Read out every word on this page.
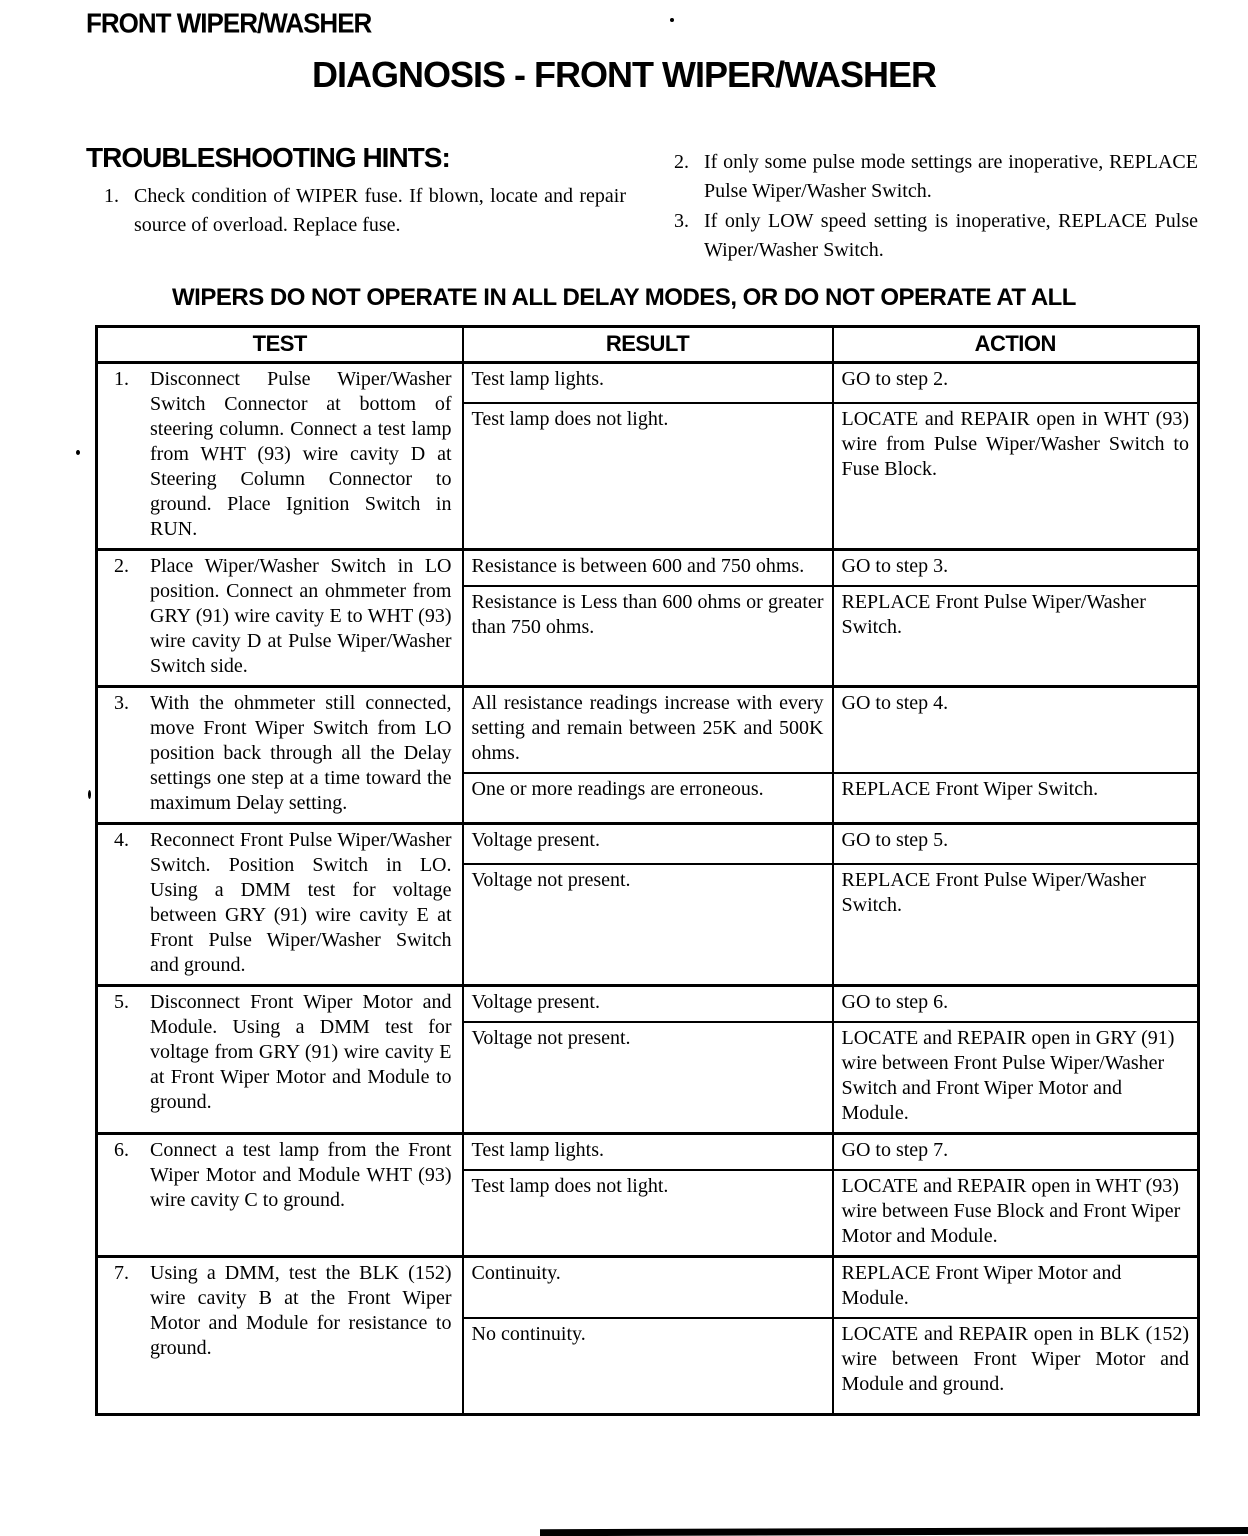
FRONT WIPER/WASHER
DIAGNOSIS - FRONT WIPER/WASHER
TROUBLESHOOTING HINTS:
1. Check condition of WIPER fuse. If blown, locate and repair source of overload. Replace fuse.
2. If only some pulse mode settings are inoperative, REPLACE Pulse Wiper/Washer Switch.
3. If only LOW speed setting is inoperative, REPLACE Pulse Wiper/Washer Switch.
WIPERS DO NOT OPERATE IN ALL DELAY MODES, OR DO NOT OPERATE AT ALL
TEST	RESULT	ACTION

1. Disconnect Pulse Wiper/Washer Switch Connector at bottom of steering column. Connect a test lamp from WHT (93) wire cavity D at Steering Column Connector to ground. Place Ignition Switch in RUN.	Test lamp lights.	GO to step 2.

	Test lamp does not light.	LOCATE and REPAIR open in WHT (93) wire from Pulse Wiper/Washer Switch to Fuse Block.

2. Place Wiper/Washer Switch in LO position. Connect an ohmmeter from GRY (91) wire cavity E to WHT (93) wire cavity D at Pulse Wiper/Washer Switch side.	Resistance is between 600 and 750 ohms.	GO to step 3.

	Resistance is Less than 600 ohms or greater than 750 ohms.	REPLACE Front Pulse Wiper/Washer Switch.

3. With the ohmmeter still connected, move Front Wiper Switch from LO position back through all the Delay settings one step at a time toward the maximum Delay setting.	All resistance readings increase with every setting and remain between 25K and 500K ohms.	GO to step 4.

	One or more readings are erroneous.	REPLACE Front Wiper Switch.

4. Reconnect Front Pulse Wiper/Washer Switch. Position Switch in LO. Using a DMM test for voltage between GRY (91) wire cavity E at Front Pulse Wiper/Washer Switch and ground.	Voltage present.	GO to step 5.

	Voltage not present.	REPLACE Front Pulse Wiper/Washer Switch.

5. Disconnect Front Wiper Motor and Module. Using a DMM test for voltage from GRY (91) wire cavity E at Front Wiper Motor and Module to ground.	Voltage present.	GO to step 6.

	Voltage not present.	LOCATE and REPAIR open in GRY (91) wire between Front Pulse Wiper/Washer Switch and Front Wiper Motor and Module.

6. Connect a test lamp from the Front Wiper Motor and Module WHT (93) wire cavity C to ground.	Test lamp lights.	GO to step 7.

	Test lamp does not light.	LOCATE and REPAIR open in WHT (93) wire between Fuse Block and Front Wiper Motor and Module.

7. Using a DMM, test the BLK (152) wire cavity B at the Front Wiper Motor and Module for resistance to ground.	Continuity.	REPLACE Front Wiper Motor and Module.

	No continuity.	LOCATE and REPAIR open in BLK (152) wire between Front Wiper Motor and Module and ground.
